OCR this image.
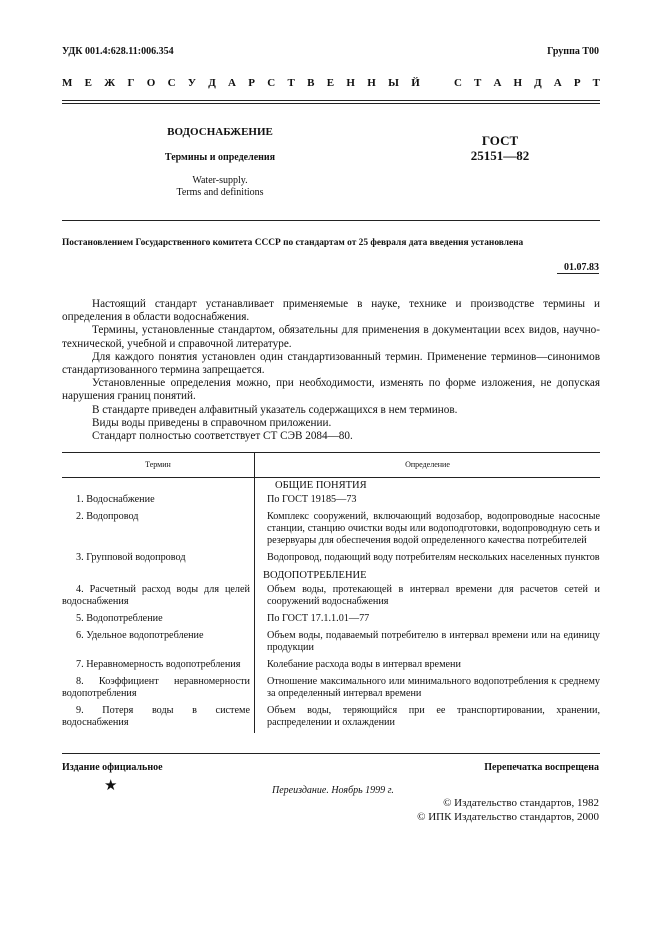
УДК 001.4:628.11:006.354	Группа Т00
М Е Ж Г О С У Д А Р С Т В Е Н Н Ы Й	С Т А Н Д А Р Т
ВОДОСНАБЖЕНИЕ
Термины и определения
Water-supply.
Terms and definitions
ГОСТ
25151—82
Постановлением Государственного комитета СССР по стандартам от 25 февраля дата введения установлена
01.07.83

Настоящий стандарт устанавливает применяемые в науке, технике и производстве термины и определения в области водоснабжения.

Термины, установленные стандартом, обязательны для применения в документации всех видов, научно-технической, учебной и справочной литературе.

Для каждого понятия установлен один стандартизованный термин. Применение терминов—синонимов стандартизованного термина запрещается.

Установленные определения можно, при необходимости, изменять по форме изложения, не допуская нарушения границ понятий.

В стандарте приведен алфавитный указатель содержащихся в нем терминов.

Виды воды приведены в справочном приложении.

Стандарт полностью соответствует СТ СЭВ 2084—80.

Термин	Определение
	ОБЩИЕ ПОНЯТИЯ

1. Водоснабжение	По ГОСТ 19185—73

2. Водопровод	Комплекс сооружений, включающий водозабор, водопроводные насосные станции, станцию очистки воды или водоподготовки, водопроводную сеть и резервуары для обеспечения водой определенного качества потребителей

3. Групповой водопровод	Водопровод, подающий воду потребителям нескольких населенных пунктов
	ВОДОПОТРЕБЛЕНИЕ

4. Расчетный расход воды для целей водоснабжения	Объем воды, протекающей в интервал времени для расчетов сетей и сооружений водоснабжения

5. Водопотребление	По ГОСТ 17.1.1.01—77

6. Удельное водопотребление	Объем воды, подаваемый потребителю в интервал времени или на единицу продукции

7. Неравномерность водопотребления	Колебание расхода воды в интервал времени

8. Коэффициент неравномерности водопотребления	Отношение максимального или минимального водопотребления к среднему за определенный интервал времени

9. Потеря воды в системе водоснабжения	Объем воды, теряющийся при ее транспортировании, хранении, распределении и охлаждении
Издание официальное	Перепечатка воспрещена
★	Переиздание. Ноябрь 1999 г.
© Издательство стандартов, 1982
© ИПК Издательство стандартов, 2000
